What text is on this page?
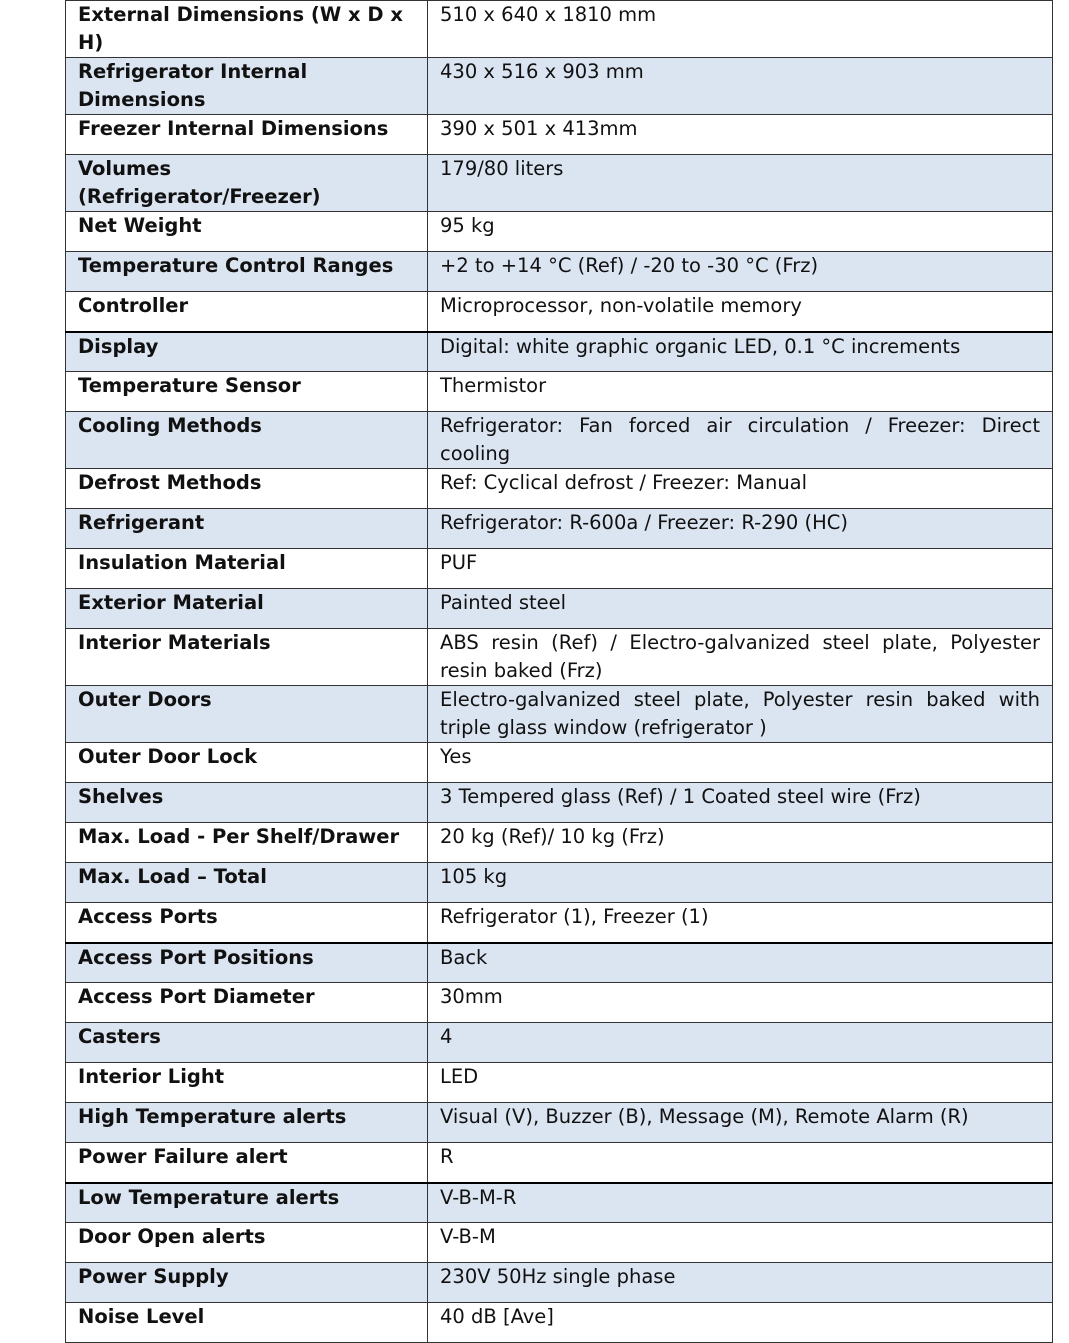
External Dimensions (W x D x H)	510 x 640 x 1810 mm
Refrigerator Internal Dimensions	430 x 516 x 903 mm
Freezer Internal Dimensions	390 x 501 x 413mm
Volumes (Refrigerator/Freezer)	179/80 liters
Net Weight	95 kg
Temperature Control Ranges	+2 to +14 °C (Ref) / -20 to -30 °C (Frz)
Controller	Microprocessor, non-volatile memory
Display	Digital: white graphic organic LED, 0.1 °C increments
Temperature Sensor	Thermistor
Cooling Methods	Refrigerator: Fan forced air circulation / Freezer: Direct cooling
Defrost Methods	Ref: Cyclical defrost / Freezer: Manual
Refrigerant	Refrigerator: R-600a / Freezer: R-290 (HC)
Insulation Material	PUF
Exterior Material	Painted steel
Interior Materials	ABS resin (Ref) / Electro-galvanized steel plate, Polyester resin baked (Frz)
Outer Doors	Electro-galvanized steel plate, Polyester resin baked with triple glass window (refrigerator )
Outer Door Lock	Yes
Shelves	3 Tempered glass (Ref) / 1 Coated steel wire (Frz)
Max. Load - Per Shelf/Drawer	20 kg (Ref)/ 10 kg (Frz)
Max. Load – Total	105 kg
Access Ports	Refrigerator (1), Freezer (1)
Access Port Positions	Back
Access Port Diameter	30mm
Casters	4
Interior Light	LED
High Temperature alerts	Visual (V), Buzzer (B), Message (M), Remote Alarm (R)
Power Failure alert	R
Low Temperature alerts	V-B-M-R
Door Open alerts	V-B-M
Power Supply	230V 50Hz single phase
Noise Level	40 dB [Ave]
